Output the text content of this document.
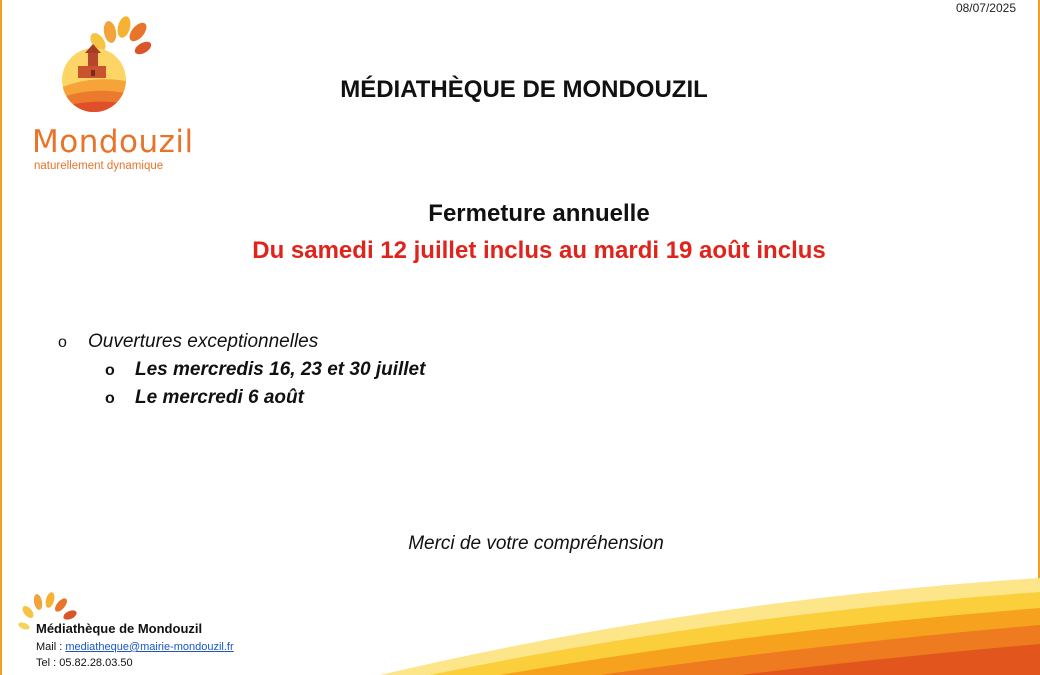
08/07/2025
Mondouzil
naturellement dynamique
MÉDIATHÈQUE DE MONDOUZIL
Fermeture annuelle
Du samedi 12 juillet inclus au mardi 19 août inclus
o	Ouvertures exceptionnelles
o	Les mercredis 16, 23 et 30 juillet
o	Le mercredi 6 août
Merci de votre compréhension
Médiathèque de Mondouzil
Mail : mediatheque@mairie-mondouzil.fr
Tel : 05.82.28.03.50
